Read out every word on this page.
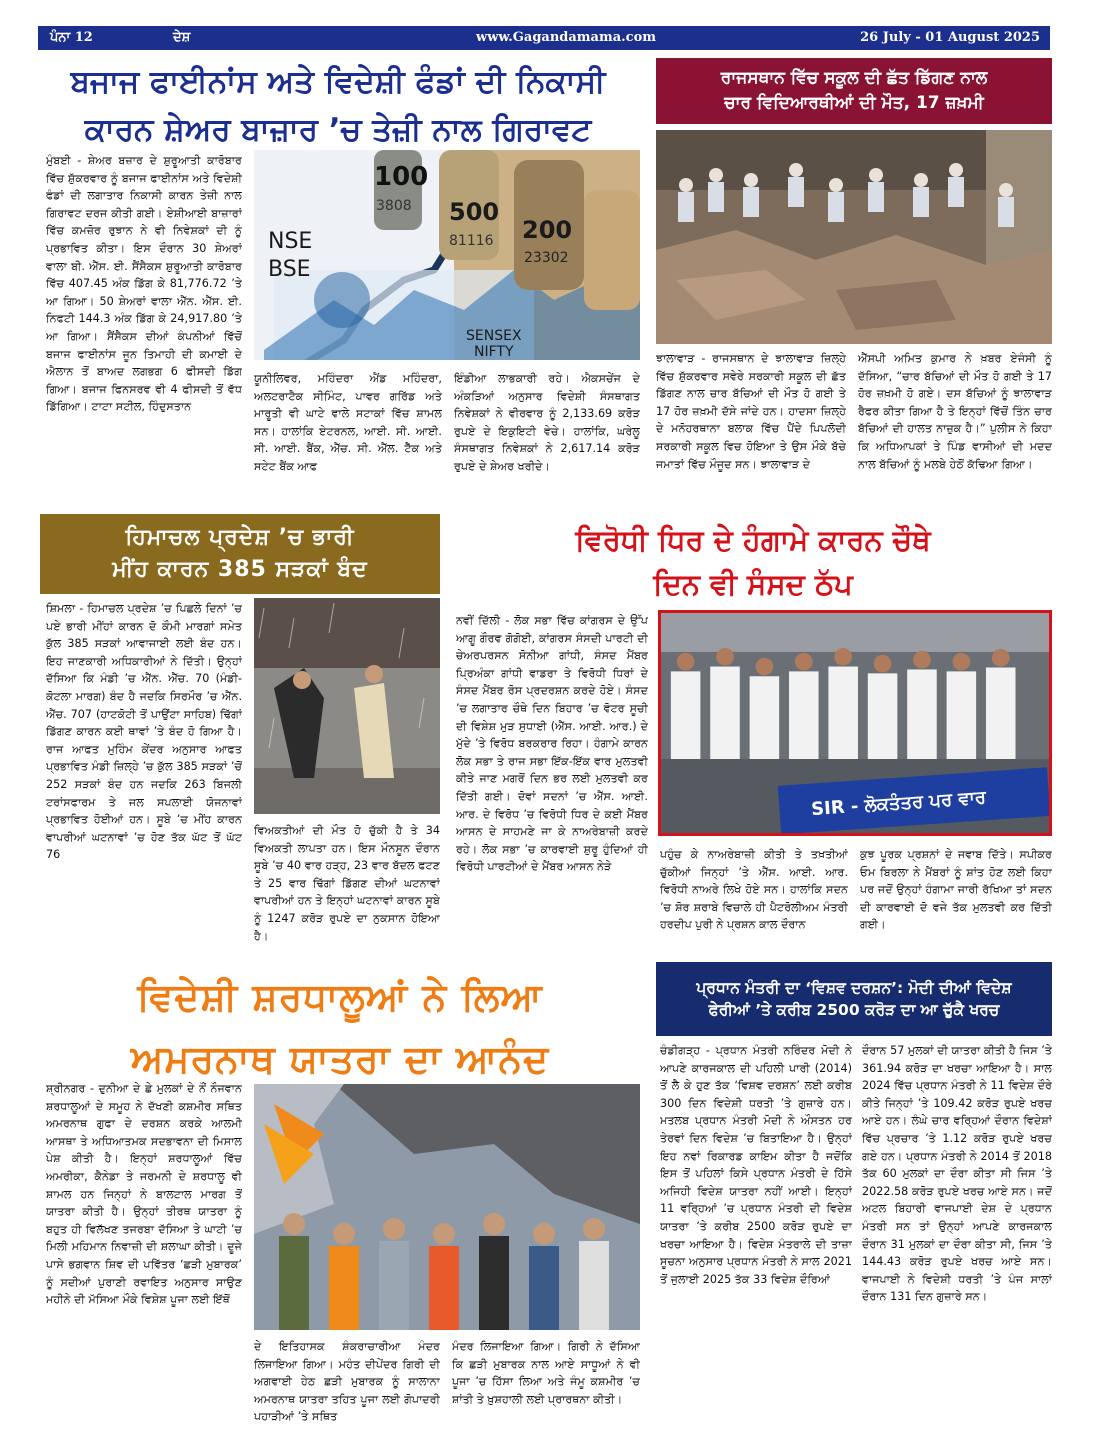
ਪੰਨਾ 12	ਦੇਸ਼	www.Gagandamama.com	26 July - 01 August 2025
ਬਜਾਜ ਫਾਈਨਾਂਸ ਅਤੇ ਵਿਦੇਸ਼ੀ ਫੰਡਾਂ ਦੀ ਨਿਕਾਸੀ
ਕਾਰਨ ਸ਼ੇਅਰ ਬਾਜ਼ਾਰ ’ਚ ਤੇਜ਼ੀ ਨਾਲ ਗਿਰਾਵਟ
ਮੁੰਬਈ - ਸ਼ੇਅਰ ਬਜ਼ਾਰ ਦੇ ਸ਼ੁਰੂਆਤੀ ਕਾਰੋਬਾਰ ਵਿੱਚ ਸ਼ੁੱਕਰਵਾਰ ਨੂੰ ਬਜਾਜ ਫਾਈਨਾਂਸ ਅਤੇ ਵਿਦੇਸ਼ੀ ਫੰਡਾਂ ਦੀ ਲਗਾਤਾਰ ਨਿਕਾਸੀ ਕਾਰਨ ਤੇਜ਼ੀ ਨਾਲ ਗਿਰਾਵਟ ਦਰਜ ਕੀਤੀ ਗਈ। ਏਸ਼ੀਆਈ ਬਾਜ਼ਾਰਾਂ ਵਿੱਚ ਕਮਜ਼ੋਰ ਰੁਝਾਨ ਨੇ ਵੀ ਨਿਵੇਸ਼ਕਾਂ ਦੀ ਨੂੰ ਪ੍ਰਭਾਵਿਤ ਕੀਤਾ। ਇਸ ਦੌਰਾਨ 30 ਸ਼ੇਅਰਾਂ ਵਾਲਾ ਬੀ. ਐੱਸ. ਈ. ਸੈਂਸੈਕਸ ਸ਼ੁਰੂਆਤੀ ਕਾਰੋਬਾਰ ਵਿੱਚ 407.45 ਅੰਕ ਡਿੱਗ ਕੇ 81,776.72 ’ਤੇ ਆ ਗਿਆ। 50 ਸ਼ੇਅਰਾਂ ਵਾਲਾ ਐੱਨ. ਐੱਸ. ਈ. ਨਿਫਟੀ 144.3 ਅੰਕ ਡਿੱਗ ਕੇ 24,917.80 ’ਤੇ ਆ ਗਿਆ। ਸੈਂਸੈਕਸ ਦੀਆਂ ਕੰਪਨੀਆਂ ਵਿੱਚੋਂ ਬਜਾਜ ਫਾਈਨਾਂਸ ਜੂਨ ਤਿਮਾਹੀ ਦੀ ਕਮਾਈ ਦੇ ਐਲਾਨ ਤੋਂ ਬਾਅਦ ਲਗਭਗ 6 ਫੀਸਦੀ ਡਿੱਗ ਗਿਆ। ਬਜਾਜ ਫਿਨਸਰਵ ਵੀ 4 ਫੀਸਦੀ ਤੋਂ ਵੱਧ ਡਿੱਗਿਆ। ਟਾਟਾ ਸਟੀਲ, ਹਿੰਦੁਸਤਾਨ
100
3808 500
81116 200
23302
NSE
BSE
SENSEX
NIFTY
ਯੂਨੀਲਿਵਰ, ਮਹਿੰਦਰਾ ਐਂਡ ਮਹਿੰਦਰਾ, ਅਲਟਰਾਟੈਕ ਸੀਮਿੰਟ, ਪਾਵਰ ਗਰਿੱਡ ਅਤੇ ਮਾਰੂਤੀ ਵੀ ਘਾਟੇ ਵਾਲੇ ਸਟਾਕਾਂ ਵਿੱਚ ਸ਼ਾਮਲ ਸਨ। ਹਾਲਾਂਕਿ ਏਟਰਨਲ, ਆਈ. ਸੀ. ਆਈ. ਸੀ. ਆਈ. ਬੈਂਕ, ਐੱਚ. ਸੀ. ਐੱਲ. ਟੈੱਕ ਅਤੇ ਸਟੇਟ ਬੈਂਕ ਆਫ
ਇੰਡੀਆ ਲਾਭਕਾਰੀ ਰਹੇ। ਐਕਸਚੇਂਜ ਦੇ ਅੰਕੜਿਆਂ ਅਨੁਸਾਰ ਵਿਦੇਸ਼ੀ ਸੰਸਥਾਗਤ ਨਿਵੇਸ਼ਕਾਂ ਨੇ ਵੀਰਵਾਰ ਨੂੰ 2,133.69 ਕਰੋੜ ਰੁਪਏ ਦੇ ਇਕੁਇਟੀ ਵੇਚੇ। ਹਾਲਾਂਕਿ, ਘਰੇਲੂ ਸੰਸਥਾਗਤ ਨਿਵੇਸ਼ਕਾਂ ਨੇ 2,617.14 ਕਰੋੜ ਰੁਪਏ ਦੇ ਸ਼ੇਅਰ ਖਰੀਦੇ।
ਰਾਜਸਥਾਨ ਵਿੱਚ ਸਕੂਲ ਦੀ ਛੱਤ ਡਿੱਗਣ ਨਾਲ
ਚਾਰ ਵਿਦਿਆਰਥੀਆਂ ਦੀ ਮੌਤ, 17 ਜ਼ਖ਼ਮੀ
ਝਾਲਾਵਾੜ - ਰਾਜਸਥਾਨ ਦੇ ਝਾਲਾਵਾੜ ਜ਼ਿਲ੍ਹੇ ਵਿੱਚ ਸ਼ੁੱਕਰਵਾਰ ਸਵੇਰੇ ਸਰਕਾਰੀ ਸਕੂਲ ਦੀ ਛੱਤ ਡਿੱਗਣ ਨਾਲ ਚਾਰ ਬੱਚਿਆਂ ਦੀ ਮੌਤ ਹੋ ਗਈ ਤੇ 17 ਹੋਰ ਜ਼ਖ਼ਮੀ ਦੱਸੇ ਜਾਂਦੇ ਹਨ। ਹਾਦਸਾ ਜ਼ਿਲ੍ਹੇ ਦੇ ਮਨੋਹਰਥਾਨਾ ਬਲਾਕ ਵਿੱਚ ਪੈਂਦੇ ਪਿਪਲੋਦੀ ਸਰਕਾਰੀ ਸਕੂਲ ਵਿਚ ਹੋਇਆ ਤੇ ਉਸ ਮੌਕੇ ਬੱਚੇ ਜਮਾਤਾਂ ਵਿੱਚ ਮੌਜੂਦ ਸਨ। ਝਾਲਾਵਾੜ ਦੇ
ਐੱਸਪੀ ਅਮਿਤ ਕੁਮਾਰ ਨੇ ਖ਼ਬਰ ਏਜੰਸੀ ਨੂੰ ਦੱਸਿਆ, “ਚਾਰ ਬੱਚਿਆਂ ਦੀ ਮੌਤ ਹੋ ਗਈ ਤੇ 17 ਹੋਰ ਜ਼ਖ਼ਮੀ ਹੋ ਗਏ। ਦਸ ਬੱਚਿਆਂ ਨੂੰ ਝਾਲਾਵਾੜ ਰੈਫਰ ਕੀਤਾ ਗਿਆ ਹੈ ਤੇ ਇਨ੍ਹਾਂ ਵਿੱਚੋਂ ਤਿੰਨ ਚਾਰ ਬੱਚਿਆਂ ਦੀ ਹਾਲਤ ਨਾਜ਼ੁਕ ਹੈ।” ਪੁਲੀਸ ਨੇ ਕਿਹਾ ਕਿ ਅਧਿਆਪਕਾਂ ਤੇ ਪਿੰਡ ਵਾਸੀਆਂ ਦੀ ਮਦਦ ਨਾਲ ਬੱਚਿਆਂ ਨੂੰ ਮਲਬੇ ਹੇਠੋਂ ਕੱਢਿਆ ਗਿਆ।
ਹਿਮਾਚਲ ਪ੍ਰਦੇਸ਼ ’ਚ ਭਾਰੀ
ਮੀਂਹ ਕਾਰਨ 385 ਸੜਕਾਂ ਬੰਦ
ਸ਼ਿਮਲਾ - ਹਿਮਾਚਲ ਪ੍ਰਦੇਸ਼ ’ਚ ਪਿਛਲੇ ਦਿਨਾਂ ’ਚ ਪਏ ਭਾਰੀ ਮੀਂਹਾਂ ਕਾਰਨ ਦੋ ਕੌਮੀ ਮਾਰਗਾਂ ਸਮੇਤ ਕੁੱਲ 385 ਸੜਕਾਂ ਆਵਾਜਾਈ ਲਈ ਬੰਦ ਹਨ। ਇਹ ਜਾਣਕਾਰੀ ਅਧਿਕਾਰੀਆਂ ਨੇ ਦਿੱਤੀ। ਉਨ੍ਹਾਂ ਦੱਸਿਆ ਕਿ ਮੰਡੀ ’ਚ ਐੱਨ. ਐੱਚ. 70 (ਮੰਡੀ-ਕੋਟਲਾ ਮਾਰਗ) ਬੰਦ ਹੈ ਜਦਕਿ ਸਿਰਮੌਰ ’ਚ ਐੱਨ. ਐੱਚ. 707 (ਹਾਟਕੋਟੀ ਤੋਂ ਪਾਉਂਟਾ ਸਾਹਿਬ) ਢਿੱਗਾਂ ਡਿੱਗਣ ਕਾਰਨ ਕਈ ਥਾਵਾਂ ’ਤੇ ਬੰਦ ਹੋ ਗਿਆ ਹੈ। ਰਾਜ ਆਫਤ ਮੁਹਿੰਮ ਕੇਂਦਰ ਅਨੁਸਾਰ ਆਫਤ ਪ੍ਰਭਾਵਿਤ ਮੰਡੀ ਜ਼ਿਲ੍ਹੇ ’ਚ ਕੁੱਲ 385 ਸੜਕਾਂ ’ਚੋਂ 252 ਸੜਕਾਂ ਬੰਦ ਹਨ ਜਦਕਿ 263 ਬਿਜਲੀ ਟਰਾਂਸਫਾਰਮ ਤੇ ਜਲ ਸਪਲਾਈ ਯੋਜਨਾਵਾਂ ਪ੍ਰਭਾਵਿਤ ਹੋਈਆਂ ਹਨ। ਸੂਬੇ ’ਚ ਮੀਂਹ ਕਾਰਨ ਵਾਪਰੀਆਂ ਘਟਨਾਵਾਂ ’ਚ ਹੋਣ ਤੱਕ ਘੱਟ ਤੋਂ ਘੱਟ 76
ਵਿਅਕਤੀਆਂ ਦੀ ਮੌਤ ਹੋ ਚੁੱਕੀ ਹੈ ਤੇ 34 ਵਿਅਕਤੀ ਲਾਪਤਾ ਹਨ। ਇਸ ਮੌਨਸੂਨ ਦੌਰਾਨ ਸੂਬੇ ’ਚ 40 ਵਾਰ ਹੜ੍ਹ, 23 ਵਾਰ ਬੱਦਲ ਫਟਣ ਤੇ 25 ਵਾਰ ਢਿੱਗਾਂ ਡਿੱਗਣ ਦੀਆਂ ਘਟਨਾਵਾਂ ਵਾਪਰੀਆਂ ਹਨ ਤੇ ਇਨ੍ਹਾਂ ਘਟਨਾਵਾਂ ਕਾਰਨ ਸੂਬੇ ਨੂੰ 1247 ਕਰੋੜ ਰੁਪਏ ਦਾ ਨੁਕਸਾਨ ਹੋਇਆ ਹੈ।
ਵਿਰੋਧੀ ਧਿਰ ਦੇ ਹੰਗਾਮੇ ਕਾਰਨ ਚੌਥੇ
ਦਿਨ ਵੀ ਸੰਸਦ ਠੱਪ
ਨਵੀਂ ਦਿੱਲੀ - ਲੋਕ ਸਭਾ ਵਿੱਚ ਕਾਂਗਰਸ ਦੇ ਉੱਪ ਆਗੂ ਗੌਰਵ ਗੋਗੋਈ, ਕਾਂਗਰਸ ਸੰਸਦੀ ਪਾਰਟੀ ਦੀ ਚੇਅਰਪਰਸਨ ਸੋਨੀਆ ਗਾਂਧੀ, ਸੰਸਦ ਮੈਂਬਰ ਪ੍ਰਿਅੰਕਾ ਗਾਂਧੀ ਵਾਡਰਾ ਤੇ ਵਿਰੋਧੀ ਧਿਰਾਂ ਦੇ ਸੰਸਦ ਮੈਂਬਰ ਰੋਸ ਪ੍ਰਦਰਸ਼ਨ ਕਰਦੇ ਹੋਏ। ਸੰਸਦ ’ਚ ਲਗਾਤਾਰ ਚੌਥੇ ਦਿਨ ਬਿਹਾਰ ’ਚ ਵੋਟਰ ਸੂਚੀ ਦੀ ਵਿਸ਼ੇਸ਼ ਮੁੜ ਸੁਧਾਈ (ਐੱਸ. ਆਈ. ਆਰ.) ਦੇ ਮੁੱਦੇ ’ਤੇ ਵਿਰੋਧ ਬਰਕਰਾਰ ਰਿਹਾ। ਹੰਗਾਮੇ ਕਾਰਨ ਲੋਕ ਸਭਾ ਤੇ ਰਾਜ ਸਭਾ ਇੱਕ-ਇੱਕ ਵਾਰ ਮੁਲਤਵੀ ਕੀਤੇ ਜਾਣ ਮਗਰੋਂ ਦਿਨ ਭਰ ਲਈ ਮੁਲਤਵੀ ਕਰ ਦਿੱਤੀ ਗਈ। ਦੋਵਾਂ ਸਦਨਾਂ ’ਚ ਐੱਸ. ਆਈ. ਆਰ. ਦੇ ਵਿਰੋਧ ’ਚ ਵਿਰੋਧੀ ਧਿਰ ਦੇ ਕਈ ਮੈਂਬਰ ਆਸਨ ਦੇ ਸਾਹਮਣੇ ਜਾ ਕੇ ਨਾਅਰੇਬਾਜ਼ੀ ਕਰਦੇ ਰਹੇ। ਲੋਕ ਸਭਾ ’ਚ ਕਾਰਵਾਈ ਸ਼ੁਰੂ ਹੁੰਦਿਆਂ ਹੀ ਵਿਰੋਧੀ ਪਾਰਟੀਆਂ ਦੇ ਮੈਂਬਰ ਆਸਨ ਨੇੜੇ
SIR - ਲੋਕਤੰਤਰ ਪਰ ਵਾਰ
ਪਹੁੰਚ ਕੇ ਨਾਅਰੇਬਾਜ਼ੀ ਕੀਤੀ ਤੇ ਤਖ਼ਤੀਆਂ ਚੁੱਕੀਆਂ ਜਿਨ੍ਹਾਂ ’ਤੇ ਐੱਸ. ਆਈ. ਆਰ. ਵਿਰੋਧੀ ਨਾਅਰੇ ਲਿਖੇ ਹੋਏ ਸਨ। ਹਾਲਾਂਕਿ ਸਦਨ ’ਚ ਸ਼ੋਰ ਸ਼ਰਾਬੇ ਵਿਚਾਲੇ ਹੀ ਪੈਟਰੋਲੀਅਮ ਮੰਤਰੀ ਹਰਦੀਪ ਪੁਰੀ ਨੇ ਪ੍ਰਸ਼ਨ ਕਾਲ ਦੌਰਾਨ
ਕੁਝ ਪੂਰਕ ਪ੍ਰਸ਼ਨਾਂ ਦੇ ਜਵਾਬ ਦਿੱਤੇ। ਸਪੀਕਰ ਓਮ ਬਿਰਲਾ ਨੇ ਮੈਂਬਰਾਂ ਨੂੰ ਸ਼ਾਂਤ ਹੋਣ ਲਈ ਕਿਹਾ ਪਰ ਜਦੋਂ ਉਨ੍ਹਾਂ ਹੰਗਾਮਾ ਜਾਰੀ ਰੱਖਿਆ ਤਾਂ ਸਦਨ ਦੀ ਕਾਰਵਾਈ ਦੋ ਵਜੇ ਤੱਕ ਮੁਲਤਵੀ ਕਰ ਦਿੱਤੀ ਗਈ।
ਵਿਦੇਸ਼ੀ ਸ਼ਰਧਾਲੂਆਂ ਨੇ ਲਿਆ
ਅਮਰਨਾਥ ਯਾਤਰਾ ਦਾ ਆਨੰਦ
ਸ਼੍ਰੀਨਗਰ - ਦੁਨੀਆ ਦੇ ਛੇ ਮੁਲਕਾਂ ਦੇ ਨੌਂ ਨੌਜਵਾਨ ਸ਼ਰਧਾਲੂਆਂ ਦੇ ਸਮੂਹ ਨੇ ਦੱਖਣੀ ਕਸ਼ਮੀਰ ਸਥਿਤ ਅਮਰਨਾਥ ਗੁਫਾ ਦੇ ਦਰਸ਼ਨ ਕਰਕੇ ਆਲਮੀ ਆਸਥਾ ਤੇ ਅਧਿਆਤਮਕ ਸਦਭਾਵਨਾ ਦੀ ਮਿਸਾਲ ਪੇਸ਼ ਕੀਤੀ ਹੈ। ਇਨ੍ਹਾਂ ਸ਼ਰਧਾਲੂਆਂ ਵਿੱਚ ਅਮਰੀਕਾ, ਕੈਨੇਡਾ ਤੇ ਜਰਮਨੀ ਦੇ ਸ਼ਰਧਾਲੂ ਵੀ ਸ਼ਾਮਲ ਹਨ ਜਿਨ੍ਹਾਂ ਨੇ ਬਾਲਟਾਲ ਮਾਰਗ ਤੋਂ ਯਾਤਰਾ ਕੀਤੀ ਹੈ। ਉਨ੍ਹਾਂ ਤੀਰਥ ਯਾਤਰਾ ਨੂੰ ਬਹੁਤ ਹੀ ਵਿਲੱਖਣ ਤਜਰਬਾ ਦੱਸਿਆ ਤੇ ਘਾਟੀ ’ਚ ਮਿਲੀ ਮਹਿਮਾਨ ਨਿਵਾਜ਼ੀ ਦੀ ਸ਼ਲਾਘਾ ਕੀਤੀ। ਦੂਜੇ ਪਾਸੇ ਭਗਵਾਨ ਸ਼ਿਵ ਦੀ ਪਵਿੱਤਰ ‘ਛੜੀ ਮੁਬਾਰਕ’ ਨੂੰ ਸਦੀਆਂ ਪੁਰਾਣੀ ਰਵਾਇਤ ਅਨੁਸਾਰ ਸਾਉਣ ਮਹੀਨੇ ਦੀ ਮੱਸਿਆ ਮੌਕੇ ਵਿਸ਼ੇਸ਼ ਪੂਜਾ ਲਈ ਇੱਥੋਂ
ਦੇ ਇਤਿਹਾਸਕ ਸ਼ੰਕਰਾਚਾਰੀਆ ਮੰਦਰ ਲਿਜਾਇਆ ਗਿਆ। ਮਹੰਤ ਦੀਪੇਂਦਰ ਗਿਰੀ ਦੀ ਅਗਵਾਈ ਹੇਠ ਛੜੀ ਮੁਬਾਰਕ ਨੂੰ ਸਾਲਾਨਾ ਅਮਰਨਾਥ ਯਾਤਰਾ ਤਹਿਤ ਪੂਜਾ ਲਈ ਗੋਪਾਦਰੀ ਪਹਾੜੀਆਂ ’ਤੇ ਸਥਿਤ
ਮੰਦਰ ਲਿਜਾਇਆ ਗਿਆ। ਗਿਰੀ ਨੇ ਦੱਸਿਆ ਕਿ ਛੜੀ ਮੁਬਾਰਕ ਨਾਲ ਆਏ ਸਾਧੂਆਂ ਨੇ ਵੀ ਪੂਜਾ ’ਚ ਹਿੱਸਾ ਲਿਆ ਅਤੇ ਜੰਮੂ ਕਸ਼ਮੀਰ ’ਚ ਸ਼ਾਂਤੀ ਤੇ ਖ਼ੁਸ਼ਹਾਲੀ ਲਈ ਪ੍ਰਾਰਥਨਾ ਕੀਤੀ।
ਪ੍ਰਧਾਨ ਮੰਤਰੀ ਦਾ ‘ਵਿਸ਼ਵ ਦਰਸ਼ਨ’: ਮੋਦੀ ਦੀਆਂ ਵਿਦੇਸ਼
ਫੇਰੀਆਂ ’ਤੇ ਕਰੀਬ 2500 ਕਰੋੜ ਦਾ ਆ ਚੁੱਕੈ ਖਰਚ
ਚੰਡੀਗੜ੍ਹ - ਪ੍ਰਧਾਨ ਮੰਤਰੀ ਨਰਿੰਦਰ ਮੋਦੀ ਨੇ ਆਪਣੇ ਕਾਰਜਕਾਲ ਦੀ ਪਹਿਲੀ ਪਾਰੀ (2014) ਤੋਂ ਲੈ ਕੇ ਹੁਣ ਤੱਕ ‘ਵਿਸ਼ਵ ਦਰਸ਼ਨ’ ਲਈ ਕਰੀਬ 300 ਦਿਨ ਵਿਦੇਸ਼ੀ ਧਰਤੀ ’ਤੇ ਗੁਜ਼ਾਰੇ ਹਨ। ਮਤਲਬ ਪ੍ਰਧਾਨ ਮੰਤਰੀ ਮੋਦੀ ਨੇ ਔਸਤਨ ਹਰ ਤੇਰਵਾਂ ਦਿਨ ਵਿਦੇਸ਼ ’ਚ ਬਿਤਾਇਆ ਹੈ। ਉਨ੍ਹਾਂ ਇਹ ਨਵਾਂ ਰਿਕਾਰਡ ਕਾਇਮ ਕੀਤਾ ਹੈ ਜਦੋਂਕਿ ਇਸ ਤੋਂ ਪਹਿਲਾਂ ਕਿਸੇ ਪ੍ਰਧਾਨ ਮੰਤਰੀ ਦੇ ਹਿੱਸੇ ਅਜਿਹੀ ਵਿਦੇਸ਼ ਯਾਤਰਾ ਨਹੀਂ ਆਈ। ਇਨ੍ਹਾਂ 11 ਵਰ੍ਹਿਆਂ ’ਚ ਪ੍ਰਧਾਨ ਮੰਤਰੀ ਦੀ ਵਿਦੇਸ਼ ਯਾਤਰਾ ’ਤੇ ਕਰੀਬ 2500 ਕਰੋੜ ਰੁਪਏ ਦਾ ਖਰਚਾ ਆਇਆ ਹੈ। ਵਿਦੇਸ਼ ਮੰਤਰਾਲੇ ਦੀ ਤਾਜ਼ਾ ਸੂਚਨਾ ਅਨੁਸਾਰ ਪ੍ਰਧਾਨ ਮੰਤਰੀ ਨੇ ਸਾਲ 2021 ਤੋਂ ਜੁਲਾਈ 2025 ਤੱਕ 33 ਵਿਦੇਸ਼ ਦੌਰਿਆਂ
ਦੌਰਾਨ 57 ਮੁਲਕਾਂ ਦੀ ਯਾਤਰਾ ਕੀਤੀ ਹੈ ਜਿਸ ’ਤੇ 361.94 ਕਰੋੜ ਦਾ ਖਰਚਾ ਆਇਆ ਹੈ। ਸਾਲ 2024 ਵਿੱਚ ਪ੍ਰਧਾਨ ਮੰਤਰੀ ਨੇ 11 ਵਿਦੇਸ਼ ਦੌਰੇ ਕੀਤੇ ਜਿਨ੍ਹਾਂ ’ਤੇ 109.42 ਕਰੋੜ ਰੁਪਏ ਖਰਚ ਆਏ ਹਨ। ਲੰਘੇ ਚਾਰ ਵਰ੍ਹਿਆਂ ਦੌਰਾਨ ਵਿਦੇਸ਼ਾਂ ਵਿੱਚ ਪ੍ਰਚਾਰ ’ਤੇ 1.12 ਕਰੋੜ ਰੁਪਏ ਖਰਚ ਗਏ ਹਨ। ਪ੍ਰਧਾਨ ਮੰਤਰੀ ਨੇ 2014 ਤੋਂ 2018 ਤੱਕ 60 ਮੁਲਕਾਂ ਦਾ ਦੌਰਾ ਕੀਤਾ ਸੀ ਜਿਸ ’ਤੇ 2022.58 ਕਰੋੜ ਰੁਪਏ ਖਰਚ ਆਏ ਸਨ। ਜਦੋਂ ਅਟਲ ਬਿਹਾਰੀ ਵਾਜਪਾਈ ਦੇਸ਼ ਦੇ ਪ੍ਰਧਾਨ ਮੰਤਰੀ ਸਨ ਤਾਂ ਉਨ੍ਹਾਂ ਆਪਣੇ ਕਾਰਜਕਾਲ ਦੌਰਾਨ 31 ਮੁਲਕਾਂ ਦਾ ਦੌਰਾ ਕੀਤਾ ਸੀ, ਜਿਸ ’ਤੇ 144.43 ਕਰੋੜ ਰੁਪਏ ਖਰਚ ਆਏ ਸਨ। ਵਾਜਪਾਈ ਨੇ ਵਿਦੇਸ਼ੀ ਧਰਤੀ ’ਤੇ ਪੰਜ ਸਾਲਾਂ ਦੌਰਾਨ 131 ਦਿਨ ਗੁਜ਼ਾਰੇ ਸਨ।
